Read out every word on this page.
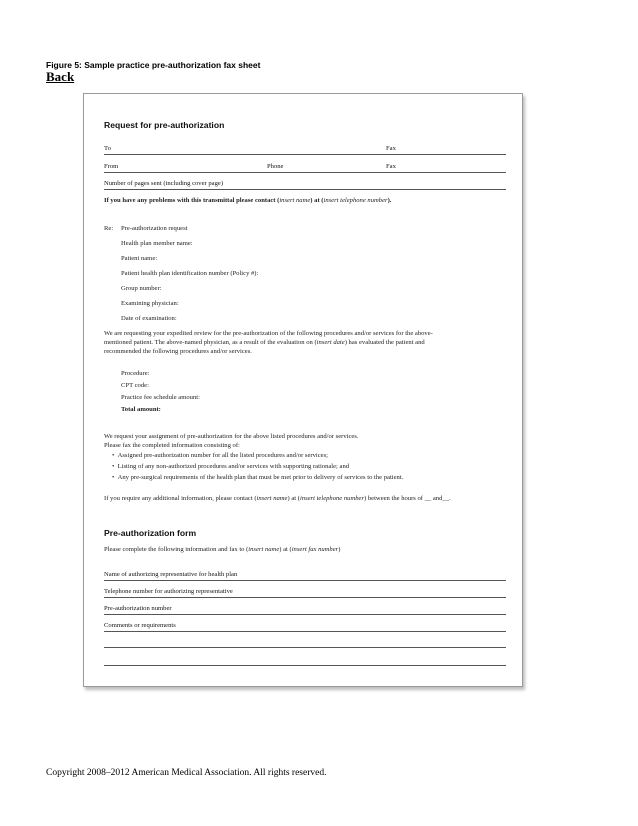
Figure 5: Sample practice pre-authorization fax sheet
Back
Request for pre-authorization
To	Fax
From	Phone	Fax
Number of pages sent (including cover page)
If you have any problems with this transmittal please contact (insert name) at (insert telephone number).
Re: Pre-authorization request
Health plan member name:
Patient name:
Patient health plan identification number (Policy #):
Group number:
Examining physician:
Date of examination:
We are requesting your expedited review for the pre-authorization of the following procedures and/or services for the above-
mentioned patient. The above-named physician, as a result of the evaluation on (insert date) has evaluated the patient and
recommended the following procedures and/or services.
Procedure:
CPT code:
Practice fee schedule amount:
Total amount:
We request your assignment of pre-authorization for the above listed procedures and/or services.
Please fax the completed information consisting of:
•  Assigned pre-authorization number for all the listed procedures and/or services;
•  Listing of any non-authorized procedures and/or services with supporting rationale; and
•  Any pre-surgical requirements of the health plan that must be met prior to delivery of services to the patient.
If you require any additional information, please contact (insert name) at (insert telephone number) between the hours of __ and__.
Pre-authorization form
Please complete the following information and fax to (insert name) at (insert fax number)
Name of authorizing representative for health plan
Telephone number for authorizing representative
Pre-authorization number
Comments or requirements
Copyright 2008–2012 American Medical Association. All rights reserved.
